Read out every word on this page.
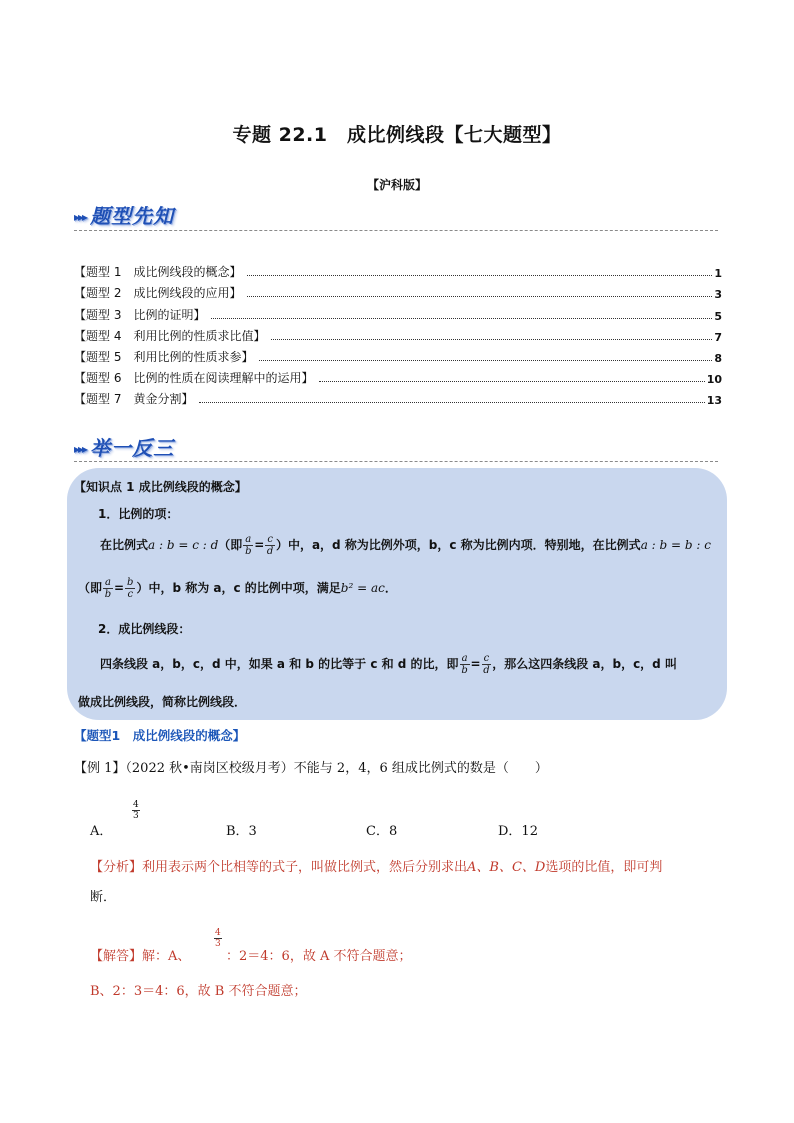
专题 22.1　成比例线段【七大题型】
【沪科版】
▸▸▸ 题型先知
【题型 1　成比例线段的概念】	1
【题型 2　成比例线段的应用】	3
【题型 3　比例的证明】	5
【题型 4　利用比例的性质求比值】	7
【题型 5　利用比例的性质求参】	8
【题型 6　比例的性质在阅读理解中的运用】	10
【题型 7　黄金分割】	13
▸▸▸ 举一反三
【知识点 1 成比例线段的概念】
1．比例的项：
在比例式a : b = c : d（即 $\frac{a}{b} = \frac{c}{d}$ ）中，a，d 称为比例外项，b，c 称为比例内项．特别地，在比例式a : b = b : c
（即 $\frac{a}{b} = \frac{b}{c}$ ）中，b 称为 a，c 的比例中项，满足b² = ac．
2．成比例线段：
四条线段 a，b，c，d 中，如果 a 和 b 的比等于 c 和 d 的比，即 $\frac{a}{b} = \frac{c}{d}$ ，那么这四条线段 a，b，c，d 叫
做成比例线段，简称比例线段．
【题型1　成比例线段的概念】
【例 1】（2022 秋•南岗区校级月考）不能与 2，4，6 组成比例式的数是（　　）
A．
$\frac{4}{3}$
B．3	C．8	D．12
【分析】利用表示两个比相等的式子，叫做比例式，然后分别求出A、B、C、D选项的比值，即可判
断．
【解答】解：A、
$\frac{4}{3}$
：2＝4：6，故 A 不符合题意；
B、2：3＝4：6，故 B 不符合题意；
